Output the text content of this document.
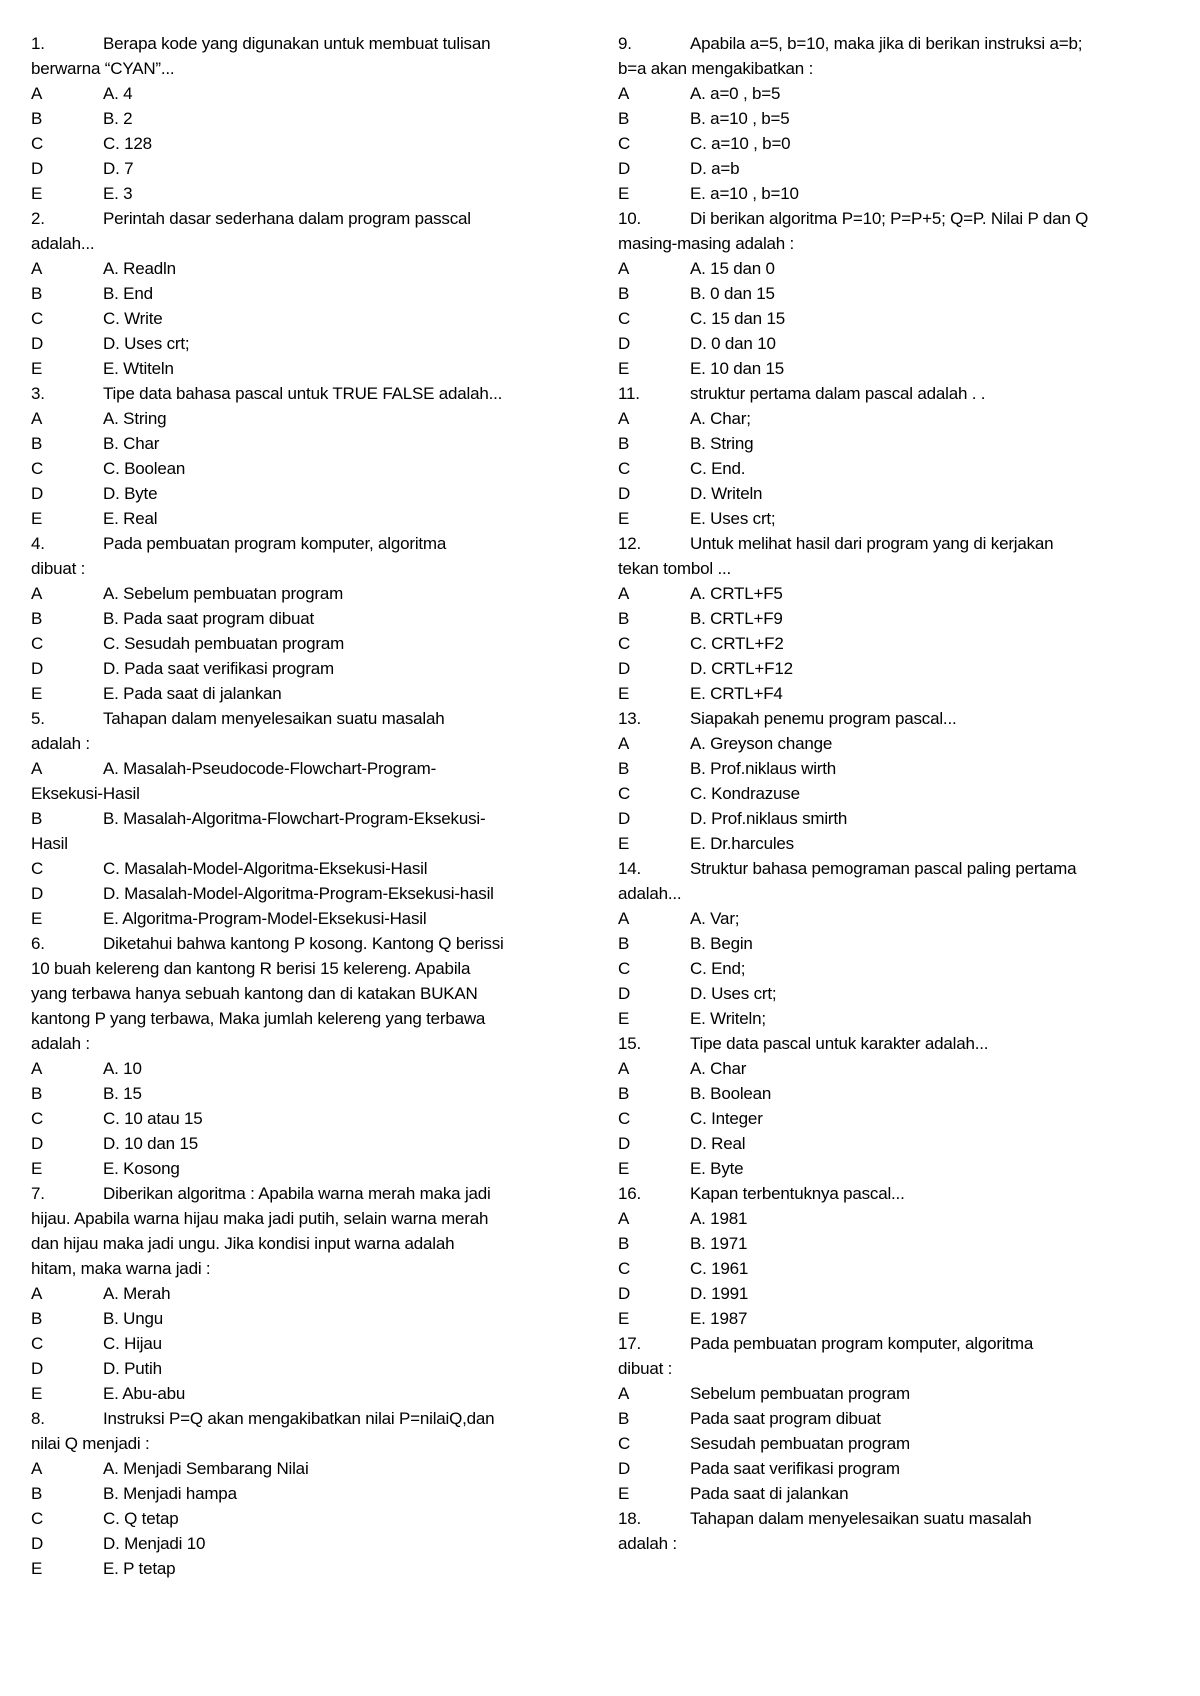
1.	Berapa kode yang digunakan untuk membuat tulisan
berwarna “CYAN”...
A	A. 4
B	B. 2
C	C. 128
D	D. 7
E	E. 3
2.	Perintah dasar sederhana dalam program passcal
adalah...
A	A. Readln
B	B. End
C	C. Write
D	D. Uses crt;
E	E. Wtiteln
3.	Tipe data bahasa pascal untuk TRUE FALSE adalah...
A	A. String
B	B. Char
C	C. Boolean
D	D. Byte
E	E. Real
4.	Pada pembuatan program komputer, algoritma
dibuat :
A	A. Sebelum pembuatan program
B	B. Pada saat program dibuat
C	C. Sesudah pembuatan program
D	D. Pada saat verifikasi program
E	E. Pada saat di jalankan
5.	Tahapan dalam menyelesaikan suatu masalah
adalah :
A	A. Masalah-Pseudocode-Flowchart-Program-
Eksekusi-Hasil
B	B. Masalah-Algoritma-Flowchart-Program-Eksekusi-
Hasil
C	C. Masalah-Model-Algoritma-Eksekusi-Hasil
D	D. Masalah-Model-Algoritma-Program-Eksekusi-hasil
E	E. Algoritma-Program-Model-Eksekusi-Hasil
6.	Diketahui bahwa kantong P kosong. Kantong Q berissi
10 buah kelereng dan kantong R berisi 15 kelereng. Apabila
yang terbawa hanya sebuah kantong dan di katakan BUKAN
kantong P yang terbawa, Maka jumlah kelereng yang terbawa
adalah :
A	A. 10
B	B. 15
C	C. 10 atau 15
D	D. 10 dan 15
E	E. Kosong
7.	Diberikan algoritma : Apabila warna merah maka jadi
hijau. Apabila warna hijau maka jadi putih, selain warna merah
dan hijau maka jadi ungu. Jika kondisi input warna adalah
hitam, maka warna jadi :
A	A. Merah
B	B. Ungu
C	C. Hijau
D	D. Putih
E	E. Abu-abu
8.	Instruksi P=Q akan mengakibatkan nilai P=nilaiQ,dan
nilai Q menjadi :
A	A. Menjadi Sembarang Nilai
B	B. Menjadi hampa
C	C. Q tetap
D	D. Menjadi 10
E	E. P tetap
9.	Apabila a=5, b=10, maka jika di berikan instruksi a=b;
b=a akan mengakibatkan :
A	A. a=0 , b=5
B	B. a=10 , b=5
C	C. a=10 , b=0
D	D. a=b
E	E. a=10 , b=10
10.	Di berikan algoritma P=10; P=P+5; Q=P. Nilai P dan Q
masing-masing adalah :
A	A. 15 dan 0
B	B. 0 dan 15
C	C. 15 dan 15
D	D. 0 dan 10
E	E. 10 dan 15
11.	struktur pertama dalam pascal adalah . .
A	A. Char;
B	B. String
C	C. End.
D	D. Writeln
E	E. Uses crt;
12.	Untuk melihat hasil dari program yang di kerjakan
tekan tombol ...
A	A. CRTL+F5
B	B. CRTL+F9
C	C. CRTL+F2
D	D. CRTL+F12
E	E. CRTL+F4
13.	Siapakah penemu program pascal...
A	A. Greyson change
B	B. Prof.niklaus wirth
C	C. Kondrazuse
D	D. Prof.niklaus smirth
E	E. Dr.harcules
14.	Struktur bahasa pemograman pascal paling pertama
adalah...
A	A. Var;
B	B. Begin
C	C. End;
D	D. Uses crt;
E	E. Writeln;
15.	Tipe data pascal untuk karakter adalah...
A	A. Char
B	B. Boolean
C	C. Integer
D	D. Real
E	E. Byte
16.	Kapan terbentuknya pascal...
A	A. 1981
B	B. 1971
C	C. 1961
D	D. 1991
E	E. 1987
17.	Pada pembuatan program komputer, algoritma
dibuat :
A	Sebelum pembuatan program
B	Pada saat program dibuat
C	Sesudah pembuatan program
D	Pada saat verifikasi program
E	Pada saat di jalankan
18.	Tahapan dalam menyelesaikan suatu masalah
adalah :
